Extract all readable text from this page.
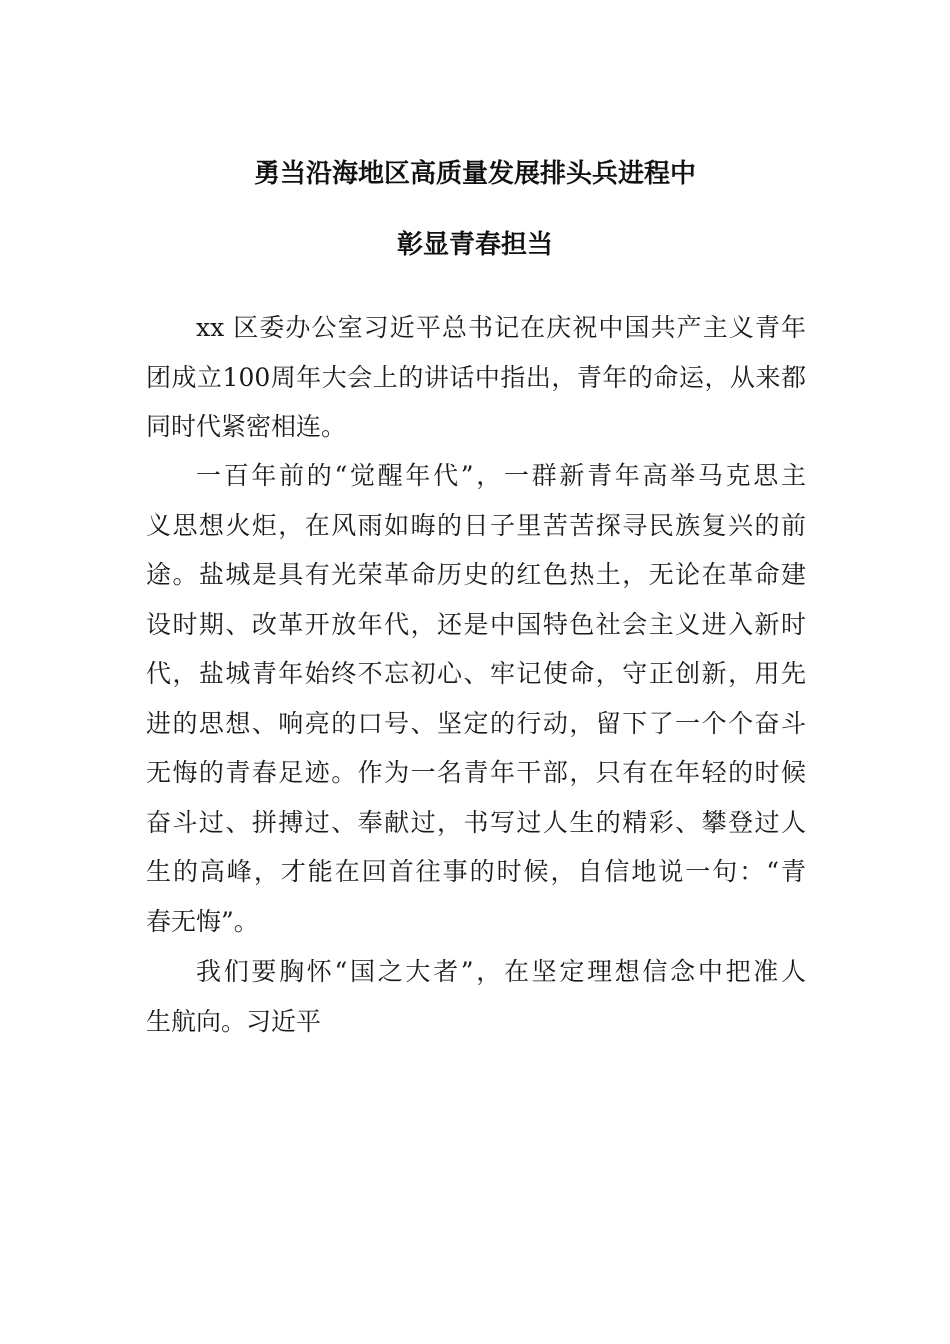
勇当沿海地区高质量发展排头兵进程中
彰显青春担当
xx 区委办公室习近平总书记在庆祝中国共产主义青年
团成立100周年大会上的讲话中指出，青年的命运，从来都
同时代紧密相连。
一百年前的“觉醒年代”，一群新青年高举马克思主
义思想火炬，在风雨如晦的日子里苦苦探寻民族复兴的前
途。盐城是具有光荣革命历史的红色热土，无论在革命建
设时期、改革开放年代，还是中国特色社会主义进入新时
代，盐城青年始终不忘初心、牢记使命，守正创新，用先
进的思想、响亮的口号、坚定的行动，留下了一个个奋斗
无悔的青春足迹。作为一名青年干部，只有在年轻的时候
奋斗过、拼搏过、奉献过，书写过人生的精彩、攀登过人
生的高峰，才能在回首往事的时候，自信地说一句：“青
春无悔”。
我们要胸怀“国之大者”，在坚定理想信念中把准人
生航向。习近平
